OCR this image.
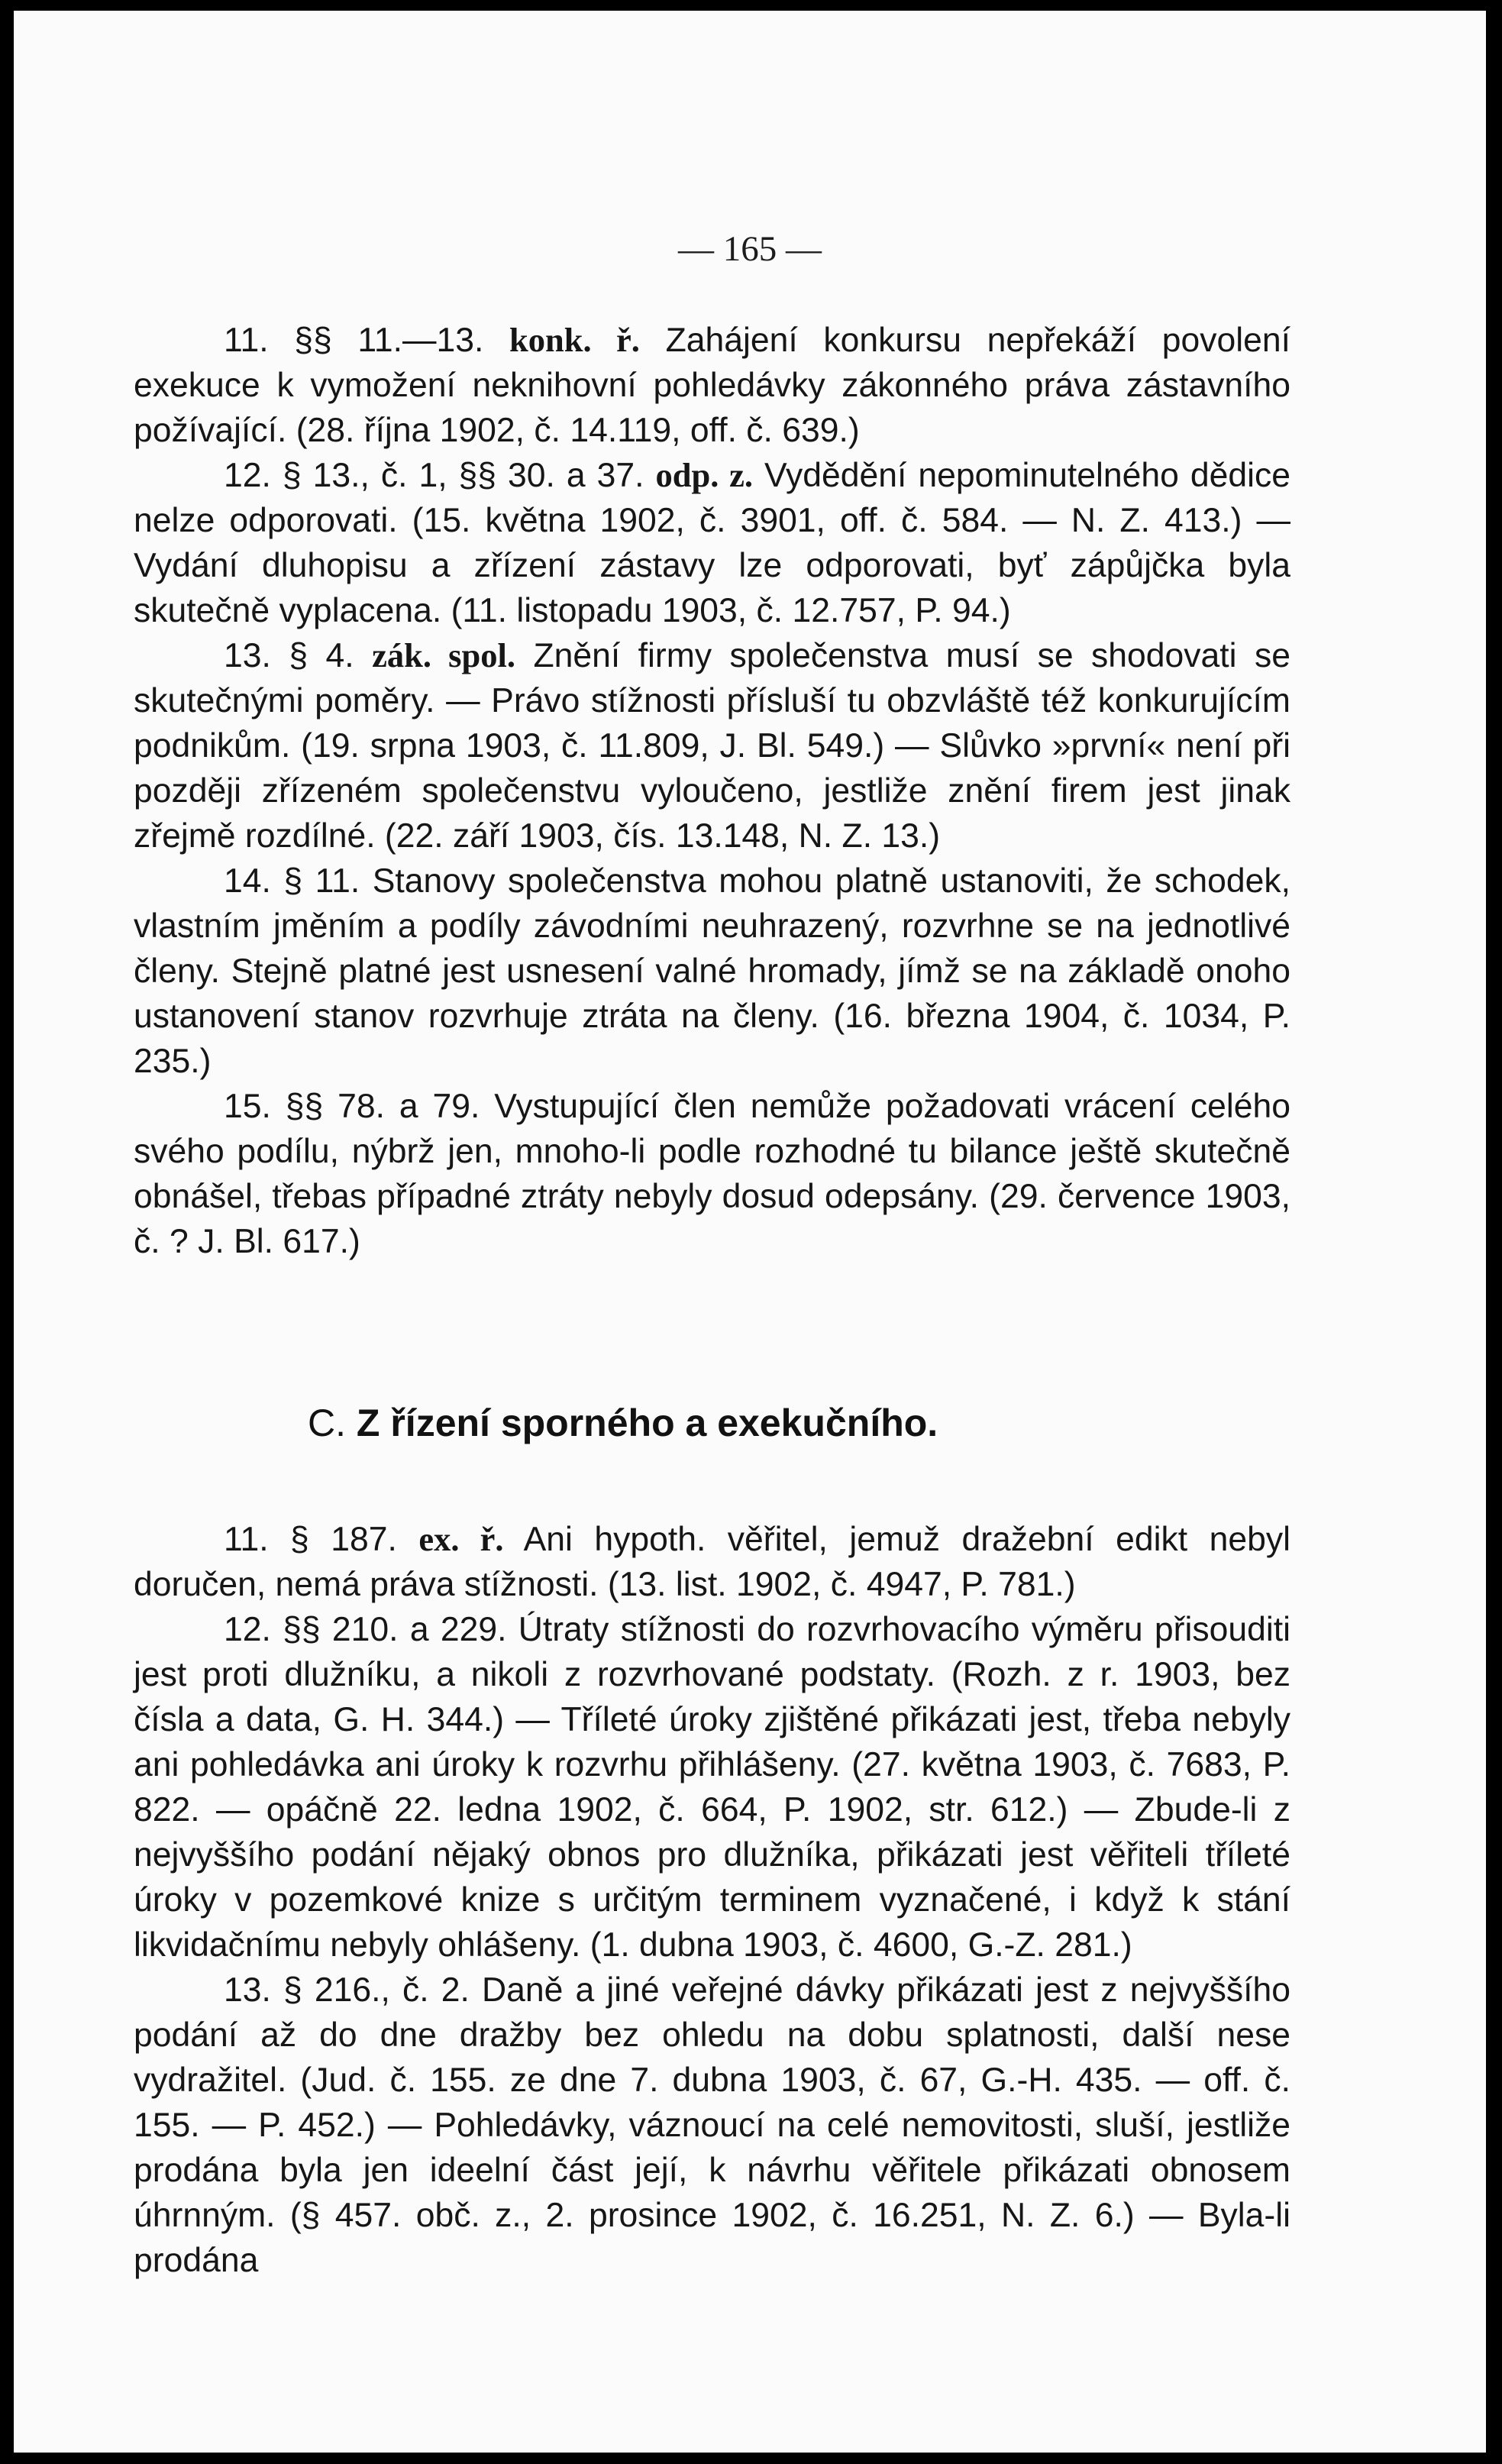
— 165 —

11. §§ 11.—13. konk. ř. Zahájení konkursu nepřekáží povolení exekuce k vymožení neknihovní pohledávky zákonného práva zástavního požívající. (28. října 1902, č. 14.119, off. č. 639.)

12. § 13., č. 1, §§ 30. a 37. odp. z. Vydědění nepominutelného dědice nelze odporovati. (15. května 1902, č. 3901, off. č. 584. — N. Z. 413.) — Vydání dluhopisu a zřízení zástavy lze odporovati, byť zápůjčka byla skutečně vyplacena. (11. listopadu 1903, č. 12.757, P. 94.)

13. § 4. zák. spol. Znění firmy společenstva musí se shodovati se skutečnými poměry. — Právo stížnosti přísluší tu obzvláště též konkurujícím podnikům. (19. srpna 1903, č. 11.809, J. Bl. 549.) — Slůvko »první« není při později zřízeném společenstvu vyloučeno, jestliže znění firem jest jinak zřejmě rozdílné. (22. září 1903, čís. 13.148, N. Z. 13.)

14. § 11. Stanovy společenstva mohou platně ustanoviti, že schodek, vlastním jměním a podíly závodními neuhrazený, rozvrhne se na jednotlivé členy. Stejně platné jest usnesení valné hromady, jímž se na základě onoho ustanovení stanov rozvrhuje ztráta na členy. (16. března 1904, č. 1034, P. 235.)

15. §§ 78. a 79. Vystupující člen nemůže požadovati vrácení celého svého podílu, nýbrž jen, mnoho-li podle rozhodné tu bilance ještě skutečně obnášel, třebas případné ztráty nebyly dosud odepsány. (29. července 1903, č. ? J. Bl. 617.)

C. Z řízení sporného a exekučního.

11. § 187. ex. ř. Ani hypoth. věřitel, jemuž dražební edikt nebyl doručen, nemá práva stížnosti. (13. list. 1902, č. 4947, P. 781.)

12. §§ 210. a 229. Útraty stížnosti do rozvrhovacího výměru přisouditi jest proti dlužníku, a nikoli z rozvrhované podstaty. (Rozh. z r. 1903, bez čísla a data, G. H. 344.) — Tříleté úroky zjištěné přikázati jest, třeba nebyly ani pohledávka ani úroky k rozvrhu přihlášeny. (27. května 1903, č. 7683, P. 822. — opáčně 22. ledna 1902, č. 664, P. 1902, str. 612.) — Zbude-li z nejvyššího podání nějaký obnos pro dlužníka, přikázati jest věřiteli tříleté úroky v pozemkové knize s určitým terminem vyznačené, i když k stání likvidačnímu nebyly ohlášeny. (1. dubna 1903, č. 4600, G.-Z. 281.)

13. § 216., č. 2. Daně a jiné veřejné dávky přikázati jest z nejvyššího podání až do dne dražby bez ohledu na dobu splatnosti, další nese vydražitel. (Jud. č. 155. ze dne 7. dubna 1903, č. 67, G.-H. 435. — off. č. 155. — P. 452.) — Pohledávky, váznoucí na celé nemovitosti, sluší, jestliže prodána byla jen ideelní část její, k návrhu věřitele přikázati obnosem úhrnným. (§ 457. obč. z., 2. prosince 1902, č. 16.251, N. Z. 6.) — Byla-li prodána
